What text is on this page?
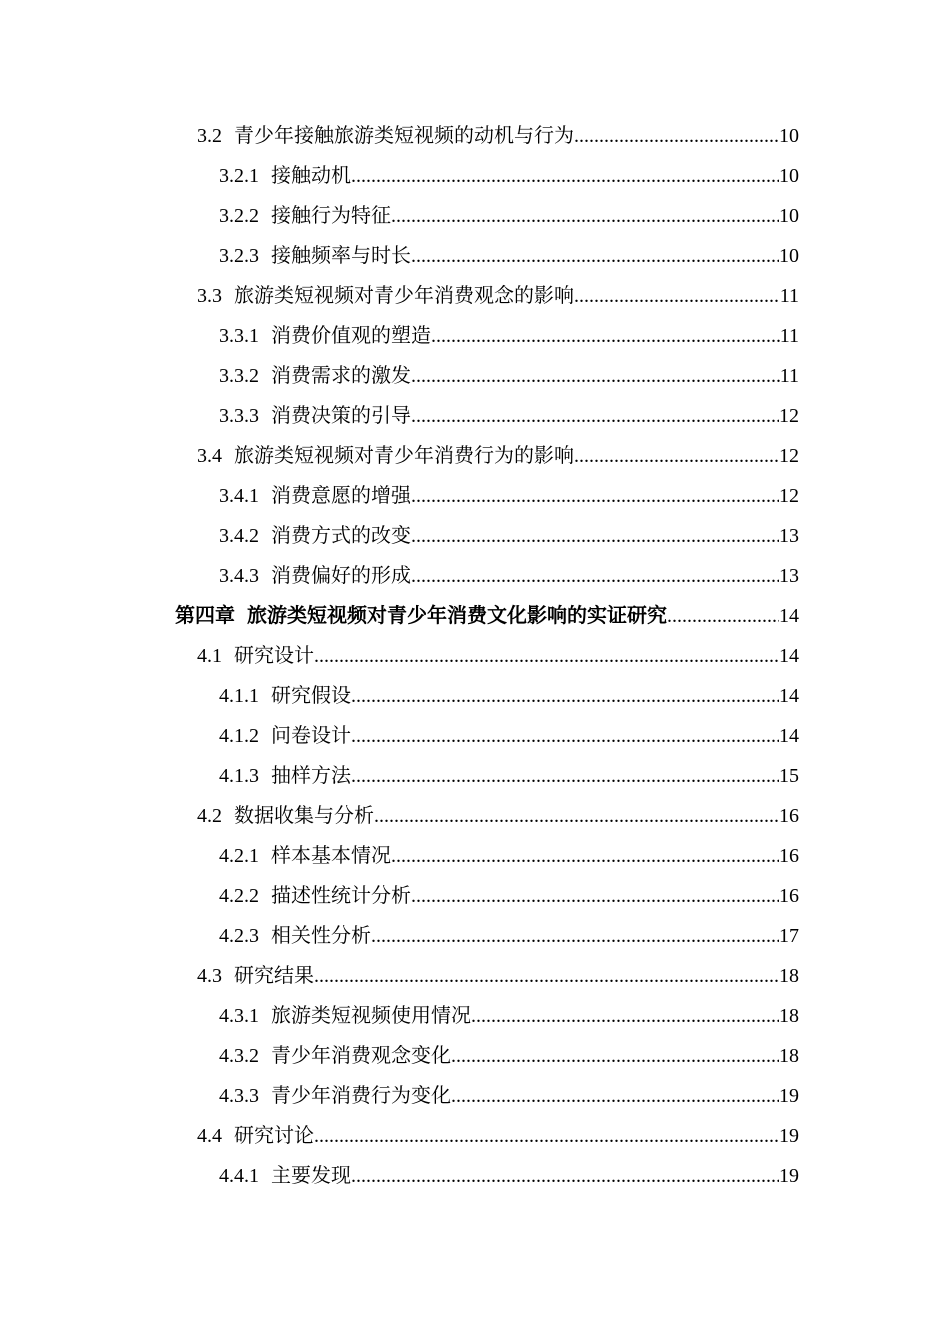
3.2 青少年接触旅游类短视频的动机与行为 .....	10
3.2.1 接触动机 .....	10
3.2.2 接触行为特征 .....	10
3.2.3 接触频率与时长 .....	10
3.3 旅游类短视频对青少年消费观念的影响 .....	11
3.3.1 消费价值观的塑造 .....	11
3.3.2 消费需求的激发 .....	11
3.3.3 消费决策的引导 .....	12
3.4 旅游类短视频对青少年消费行为的影响 .....	12
3.4.1 消费意愿的增强 .....	12
3.4.2 消费方式的改变 .....	13
3.4.3 消费偏好的形成 .....	13
第四章 旅游类短视频对青少年消费文化影响的实证研究 .....	14
4.1 研究设计 .....	14
4.1.1 研究假设 .....	14
4.1.2 问卷设计 .....	14
4.1.3 抽样方法 .....	15
4.2 数据收集与分析 .....	16
4.2.1 样本基本情况 .....	16
4.2.2 描述性统计分析 .....	16
4.2.3 相关性分析 .....	17
4.3 研究结果 .....	18
4.3.1 旅游类短视频使用情况 .....	18
4.3.2 青少年消费观念变化 .....	18
4.3.3 青少年消费行为变化 .....	19
4.4 研究讨论 .....	19
4.4.1 主要发现 .....	19
